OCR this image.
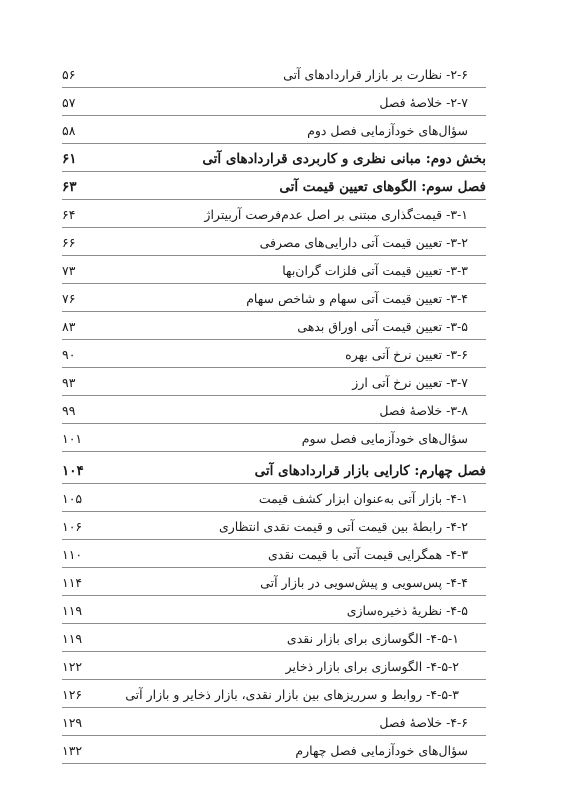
۲-۶- نظارت بر بازار قراردادهای آتی
۵۶
۲-۷- خلاصهٔ فصل
۵۷
سؤال‌های خودآزمایی فصل دوم
۵۸
بخش دوم: مبانی نظری و کاربردی قراردادهای آتی
۶۱
فصل سوم: الگوهای تعیین قیمت آتی
۶۳
۳-۱- قیمت‌گذاری مبتنی بر اصل عدم‌فرصت آربیتراژ
۶۴
۳-۲- تعیین قیمت آتی دارایی‌های مصرفی
۶۶
۳-۳- تعیین قیمت آتی فلزات گران‌بها
۷۳
۳-۴- تعیین قیمت آتی سهام و شاخص سهام
۷۶
۳-۵- تعیین قیمت آتی اوراق بدهی
۸۳
۳-۶- تعیین نرخ آتی بهره
۹۰
۳-۷- تعیین نرخ آتی ارز
۹۳
۳-۸- خلاصهٔ فصل
۹۹
سؤال‌های خودآزمایی فصل سوم
۱۰۱
فصل چهارم: کارایی بازار قراردادهای آتی
۱۰۴
۴-۱- بازار آتی به‌عنوان ابزار کشف قیمت
۱۰۵
۴-۲- رابطهٔ بین قیمت آتی و قیمت نقدی انتظاری
۱۰۶
۴-۳- همگرایی قیمت آتی با قیمت نقدی
۱۱۰
۴-۴- پس‌سویی و پیش‌سویی در بازار آتی
۱۱۴
۴-۵- نظریهٔ ذخیره‌سازی
۱۱۹
۴-۵-۱- الگوسازی برای بازار نقدی
۱۱۹
۴-۵-۲- الگوسازی برای بازار ذخایر
۱۲۲
۴-۵-۳- روابط و سرریزهای بین بازار نقدی، بازار ذخایر و بازار آتی
۱۲۶
۴-۶- خلاصهٔ فصل
۱۲۹
سؤال‌های خودآزمایی فصل چهارم
۱۳۲
